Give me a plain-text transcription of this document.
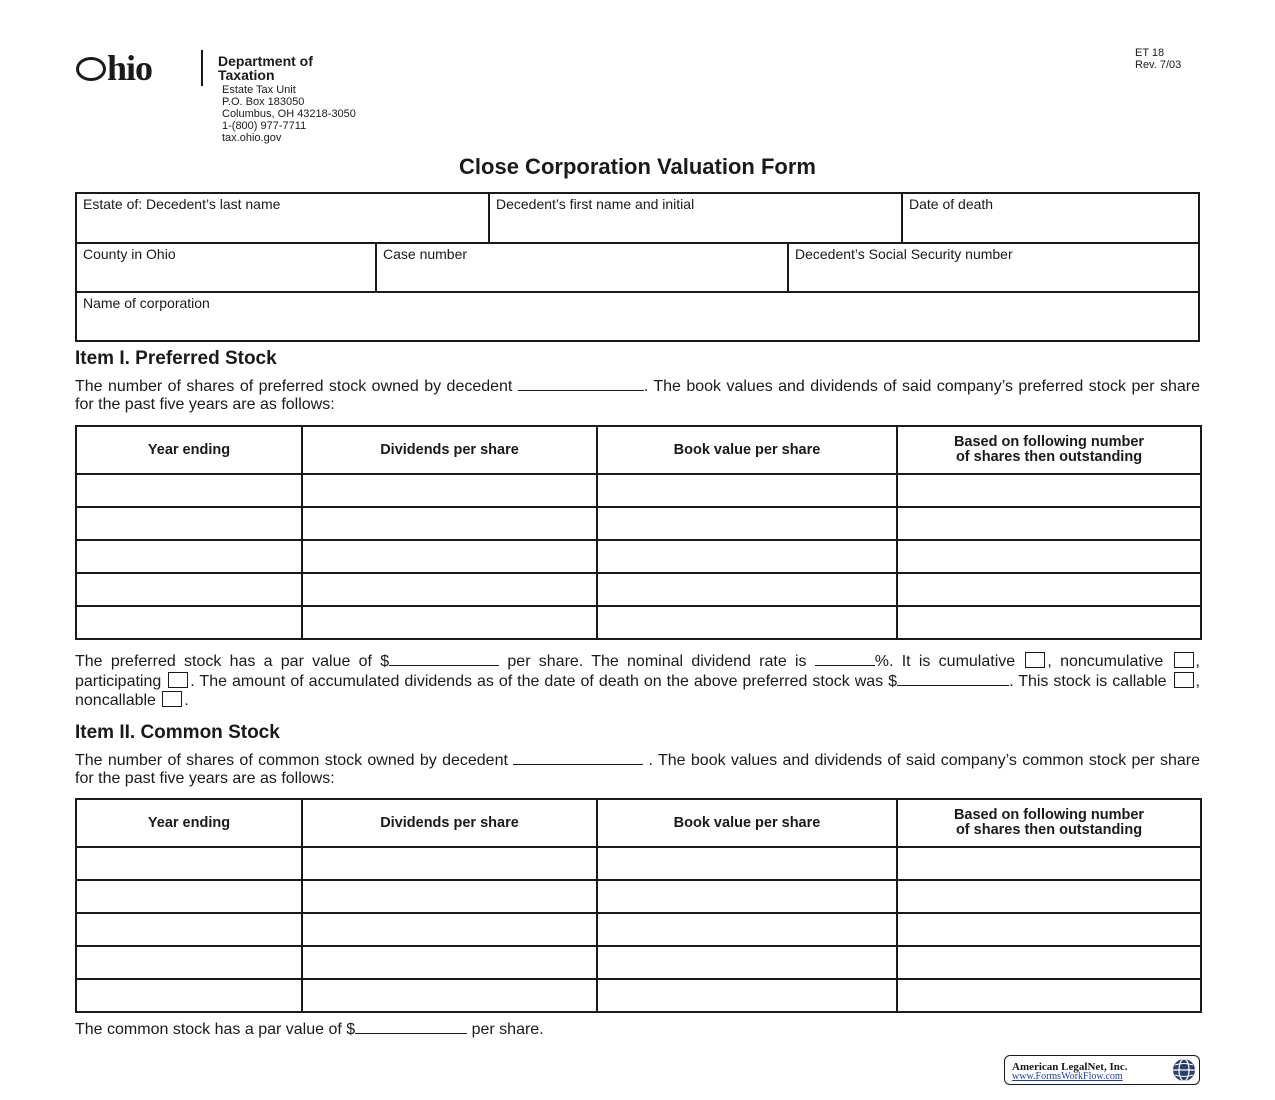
hio	Department of
Taxation
Estate Tax Unit
P.O. Box 183050
Columbus, OH 43218-3050
1-(800) 977-7711
tax.ohio.gov
ET 18
Rev. 7/03
Close Corporation Valuation Form
Estate of: Decedent’s last name	Decedent’s first name and initial	Date of death
County in Ohio	Case number	Decedent’s Social Security number
Name of corporation
Item I. Preferred Stock
The number of shares of preferred stock owned by decedent	. The book values and dividends of said company’s preferred stock per share for the past five years are as follows:
Year ending	Dividends per share	Book value per share	Based on following number
of shares then outstanding

The preferred stock has a par value of $	per share. The nominal dividend rate is	%. It is cumulative , noncumulative , participating . The amount of accumulated dividends as of the date of death on the above preferred stock was $	. This stock is callable , noncallable .
Item II. Common Stock
The number of shares of common stock owned by decedent	. The book values and dividends of said company’s common stock per share for the past five years are as follows:
Year ending	Dividends per share	Book value per share	Based on following number
of shares then outstanding

The common stock has a par value of $	per share.
American LegalNet, Inc.
www.FormsWorkFlow.com
